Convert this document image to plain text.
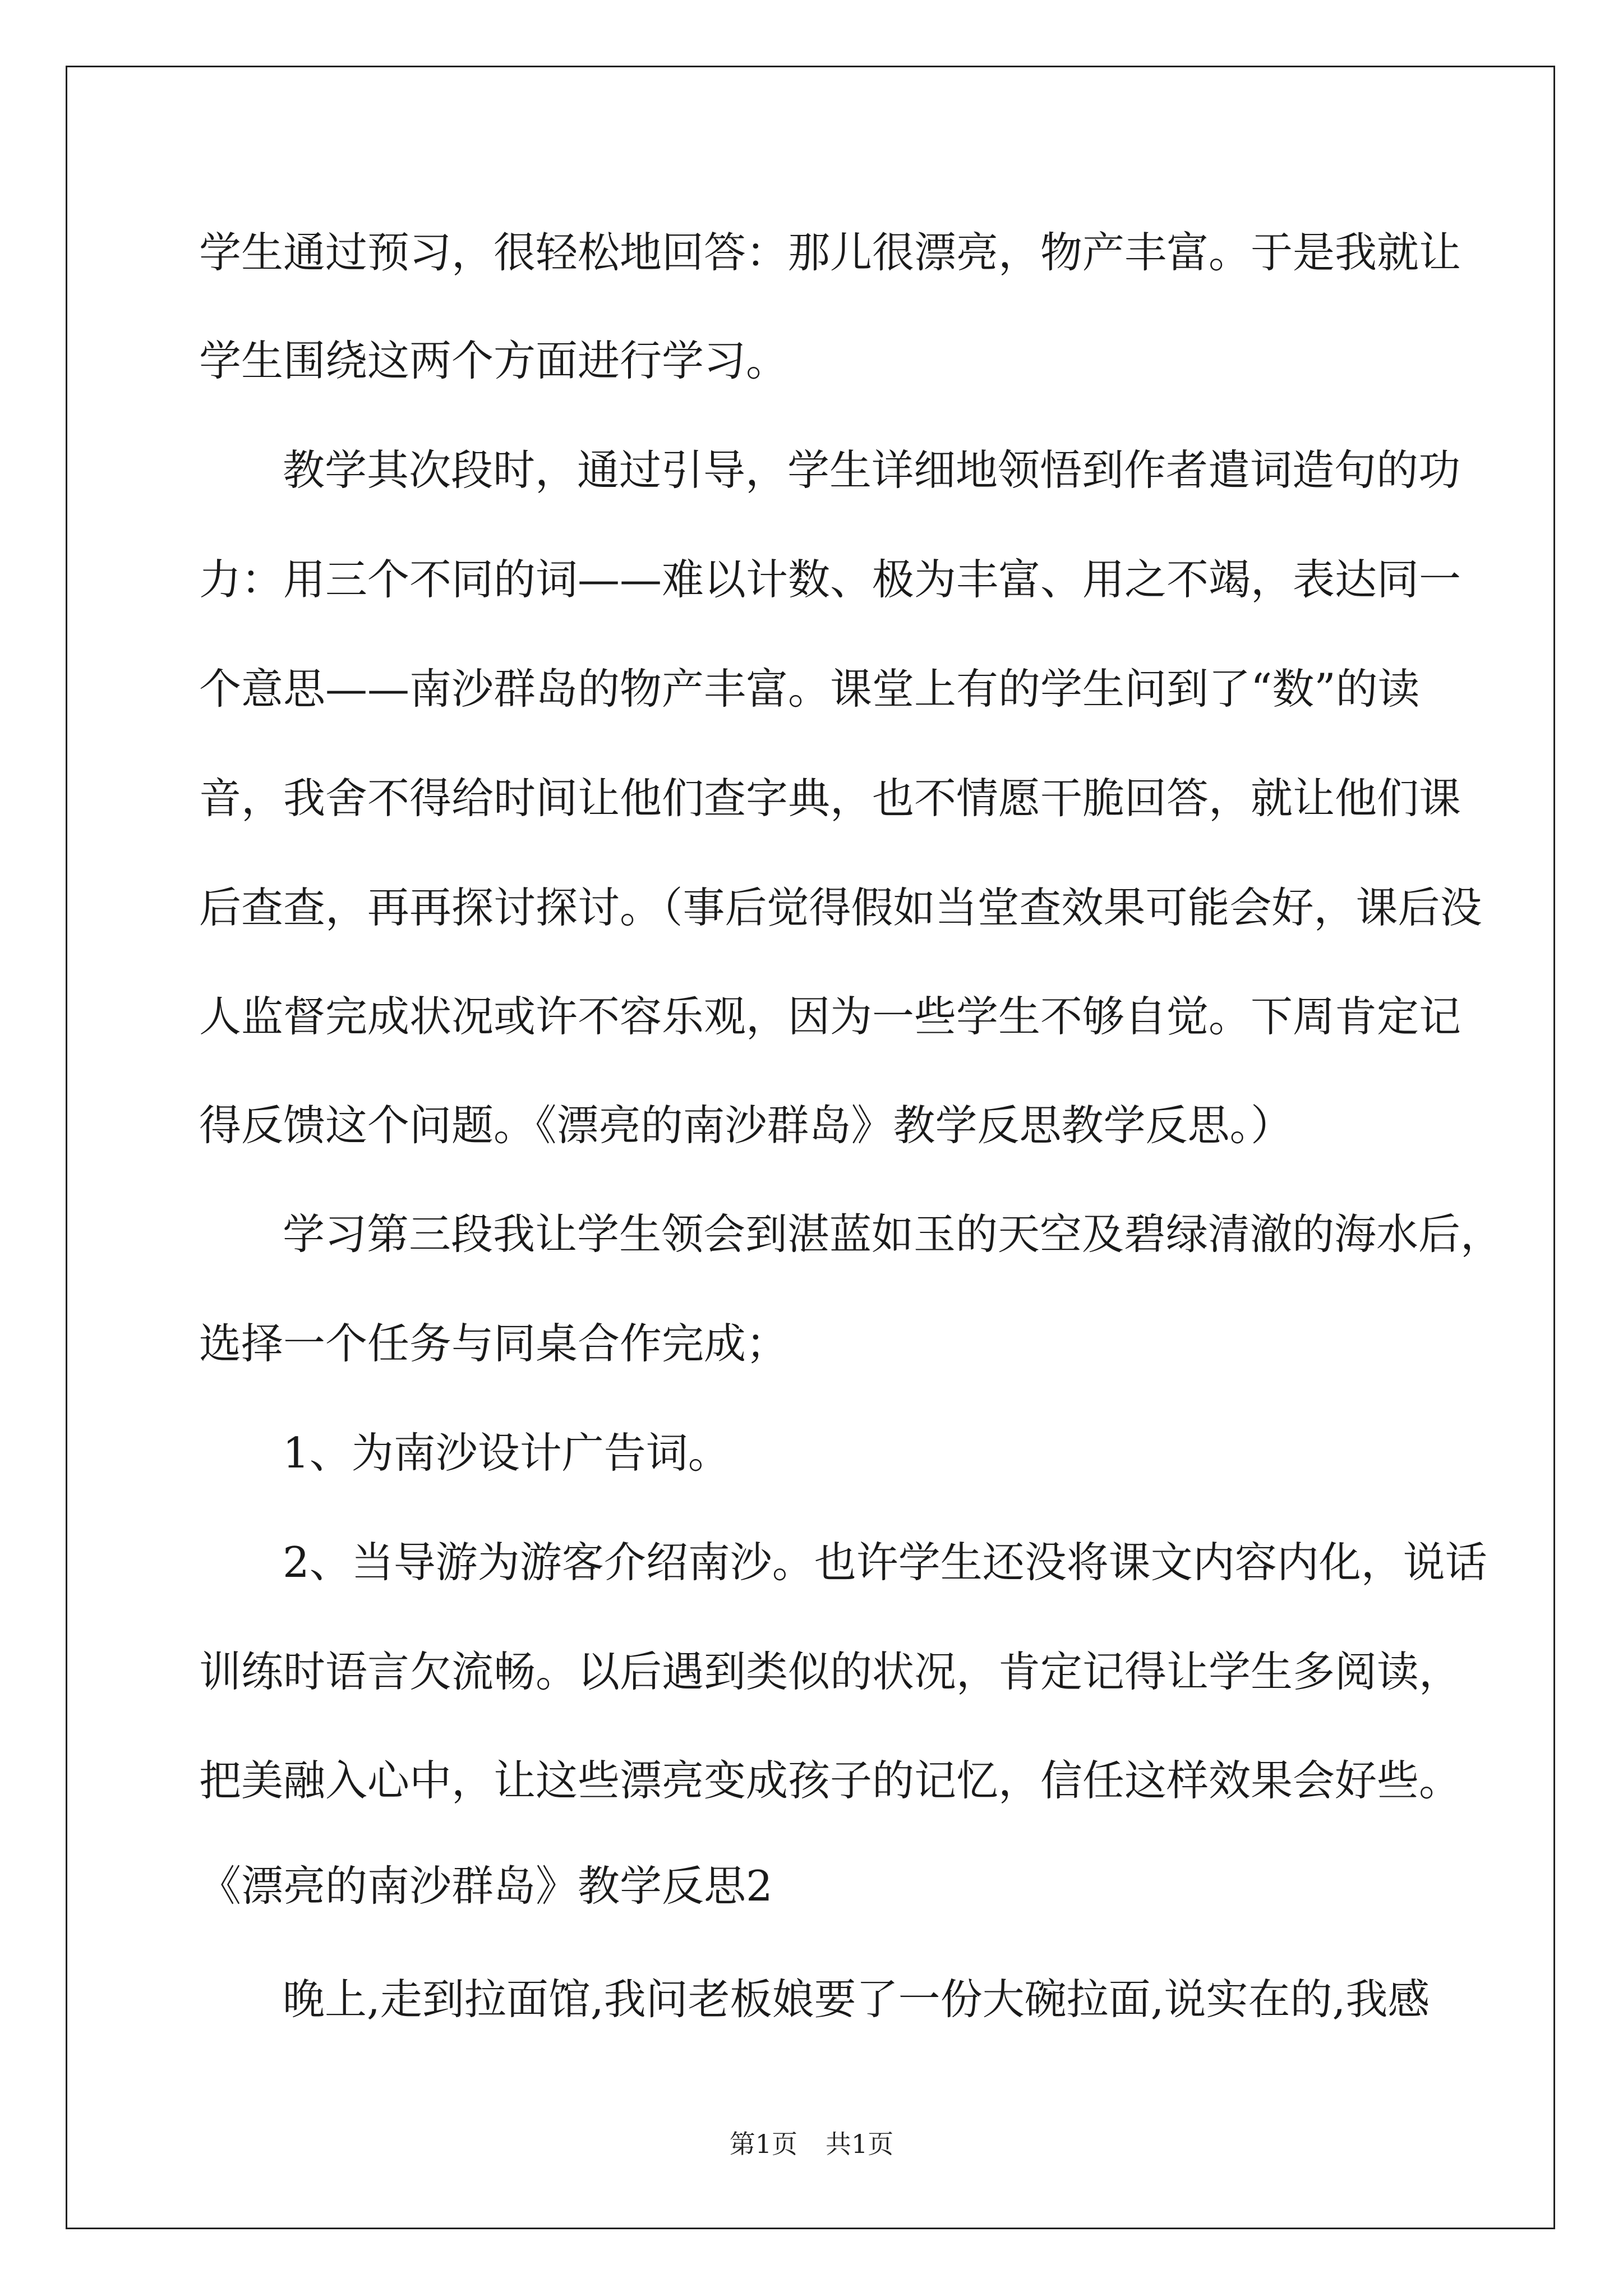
学生通过预习，很轻松地回答：那儿很漂亮，物产丰富。于是我就让
学生围绕这两个方面进行学习。
教学其次段时，通过引导，学生详细地领悟到作者遣词造句的功
力：用三个不同的词——难以计数、极为丰富、用之不竭，表达同一
个意思——南沙群岛的物产丰富。课堂上有的学生问到了“数”的读
音，我舍不得给时间让他们查字典，也不情愿干脆回答，就让他们课
后查查，再再探讨探讨。（事后觉得假如当堂查效果可能会好，课后没
人监督完成状况或许不容乐观，因为一些学生不够自觉。下周肯定记
得反馈这个问题。《漂亮的南沙群岛》教学反思教学反思。）
学习第三段我让学生领会到湛蓝如玉的天空及碧绿清澈的海水后，
选择一个任务与同桌合作完成；
1、为南沙设计广告词。
2、当导游为游客介绍南沙。也许学生还没将课文内容内化，说话
训练时语言欠流畅。以后遇到类似的状况，肯定记得让学生多阅读，
把美融入心中，让这些漂亮变成孩子的记忆，信任这样效果会好些。
《漂亮的南沙群岛》教学反思2
晚上,走到拉面馆,我问老板娘要了一份大碗拉面,说实在的,我感
第1页 共1页
